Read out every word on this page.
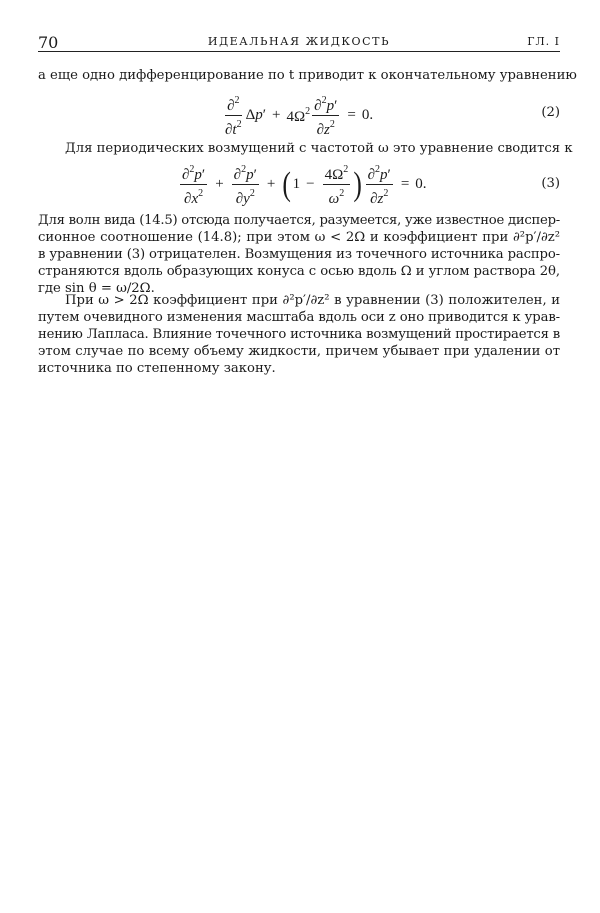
70	ИДЕАЛЬНАЯ ЖИДКОСТЬ	ГЛ. I
а еще одно дифференцирование по t приводит к окончательному уравнению
$\frac{\partial^2}{\partial t^2} \Delta p' + 4\Omega^2 \frac{\partial^2p'}{\partial z^2} = 0$.	(2)
Для периодических возмущений с частотой ω это уравнение сводится к
$\frac{\partial^2p'}{\partial x^2} + \frac{\partial^2p'}{\partial y^2}$ + ( $1 - \frac{4\Omega^2}{\omega^2}$ ) $\frac{\partial^2p'}{\partial z^2} = 0$.	(3)
Для волн вида (14.5) отсюда получается, разумеется, уже известное диспер-
сионное соотношение (14.8); при этом ω < 2Ω и коэффициент при ∂²p′/∂z²
в уравнении (3) отрицателен. Возмущения из точечного источника распро-
страняются вдоль образующих конуса с осью вдоль Ω и углом раствора 2θ,
где sin θ = ω/2Ω.
При ω > 2Ω коэффициент при ∂²p′/∂z² в уравнении (3) положителен, и
путем очевидного изменения масштаба вдоль оси z оно приводится к урав-
нению Лапласа. Влияние точечного источника возмущений простирается в
этом случае по всему объему жидкости, причем убывает при удалении от
источника по степенному закону.
